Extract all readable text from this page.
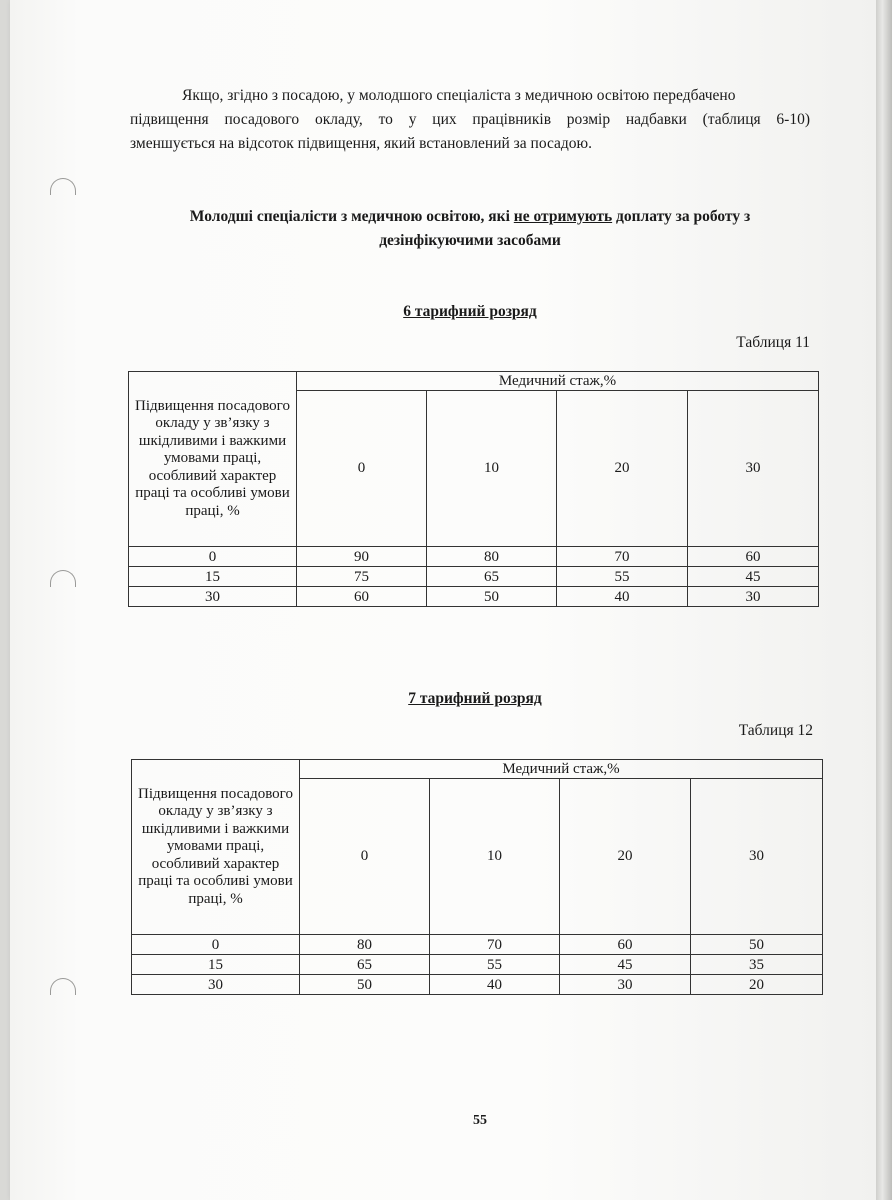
Якщо, згідно з посадою, у молодшого спеціаліста з медичною освітою передбачено

підвищення посадового окладу, то у цих працівників розмір надбавки (таблиця 6-10)

зменшується на відсоток підвищення, який встановлений за посадою.

Молодші спеціалісти з медичною освітою, які не отримують доплату за роботу з
дезінфікуючими засобами
6 тарифний розряд
Таблиця 11
Підвищення посадового окладу у зв’язку з шкідливими і важкими умовами праці, особливий характер праці та особливі умови праці, %	Медичний стаж,%			
	0	10	20	30
0	90	80	70	60
15	75	65	55	45
30	60	50	40	30
7 тарифний розряд
Таблиця 12
Підвищення посадового окладу у зв’язку з шкідливими і важкими умовами праці, особливий характер праці та особливі умови праці, %	Медичний стаж,%			
	0	10	20	30
0	80	70	60	50
15	65	55	45	35
30	50	40	30	20
55
